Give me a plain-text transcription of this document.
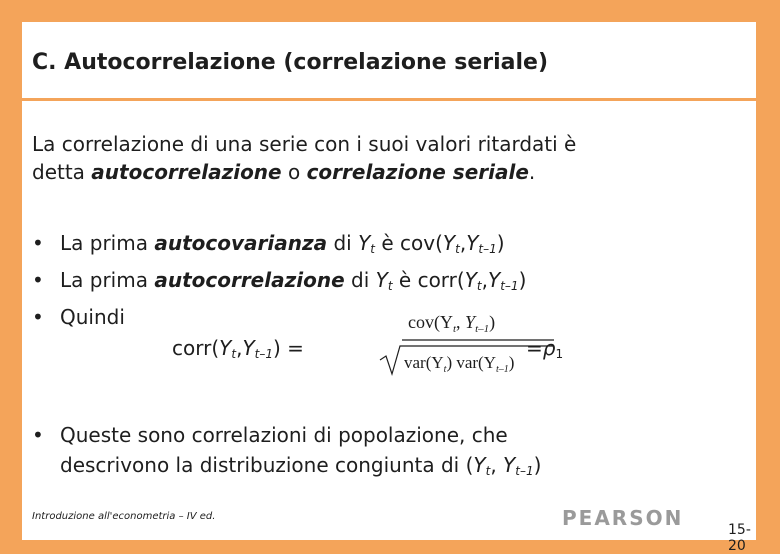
C. Autocorrelazione (correlazione seriale)
La correlazione di una serie con i suoi valori ritardati è
detta autocorrelazione o correlazione seriale.
• La prima autocovarianza di $Y_t$ è $cov(Y_t,Y_{t-1})$
• La prima autocorrelazione di $Y_t$ è $corr(Y_t,Y_{t-1})$
• Quindi
$corr(Y_t,Y_{t-1})$ =
$cov(Y_t$, $Y_{t-1}$)
$var(Y_t)$ $var(Y_{t-1})$
$=\rho_1$
• Queste sono correlazioni di popolazione, che
descrivono la distribuzione congiunta di ($Y_t$, $Y_{t-1}$)
Introduzione all'econometria – IV ed.	PEARSON	15-20
